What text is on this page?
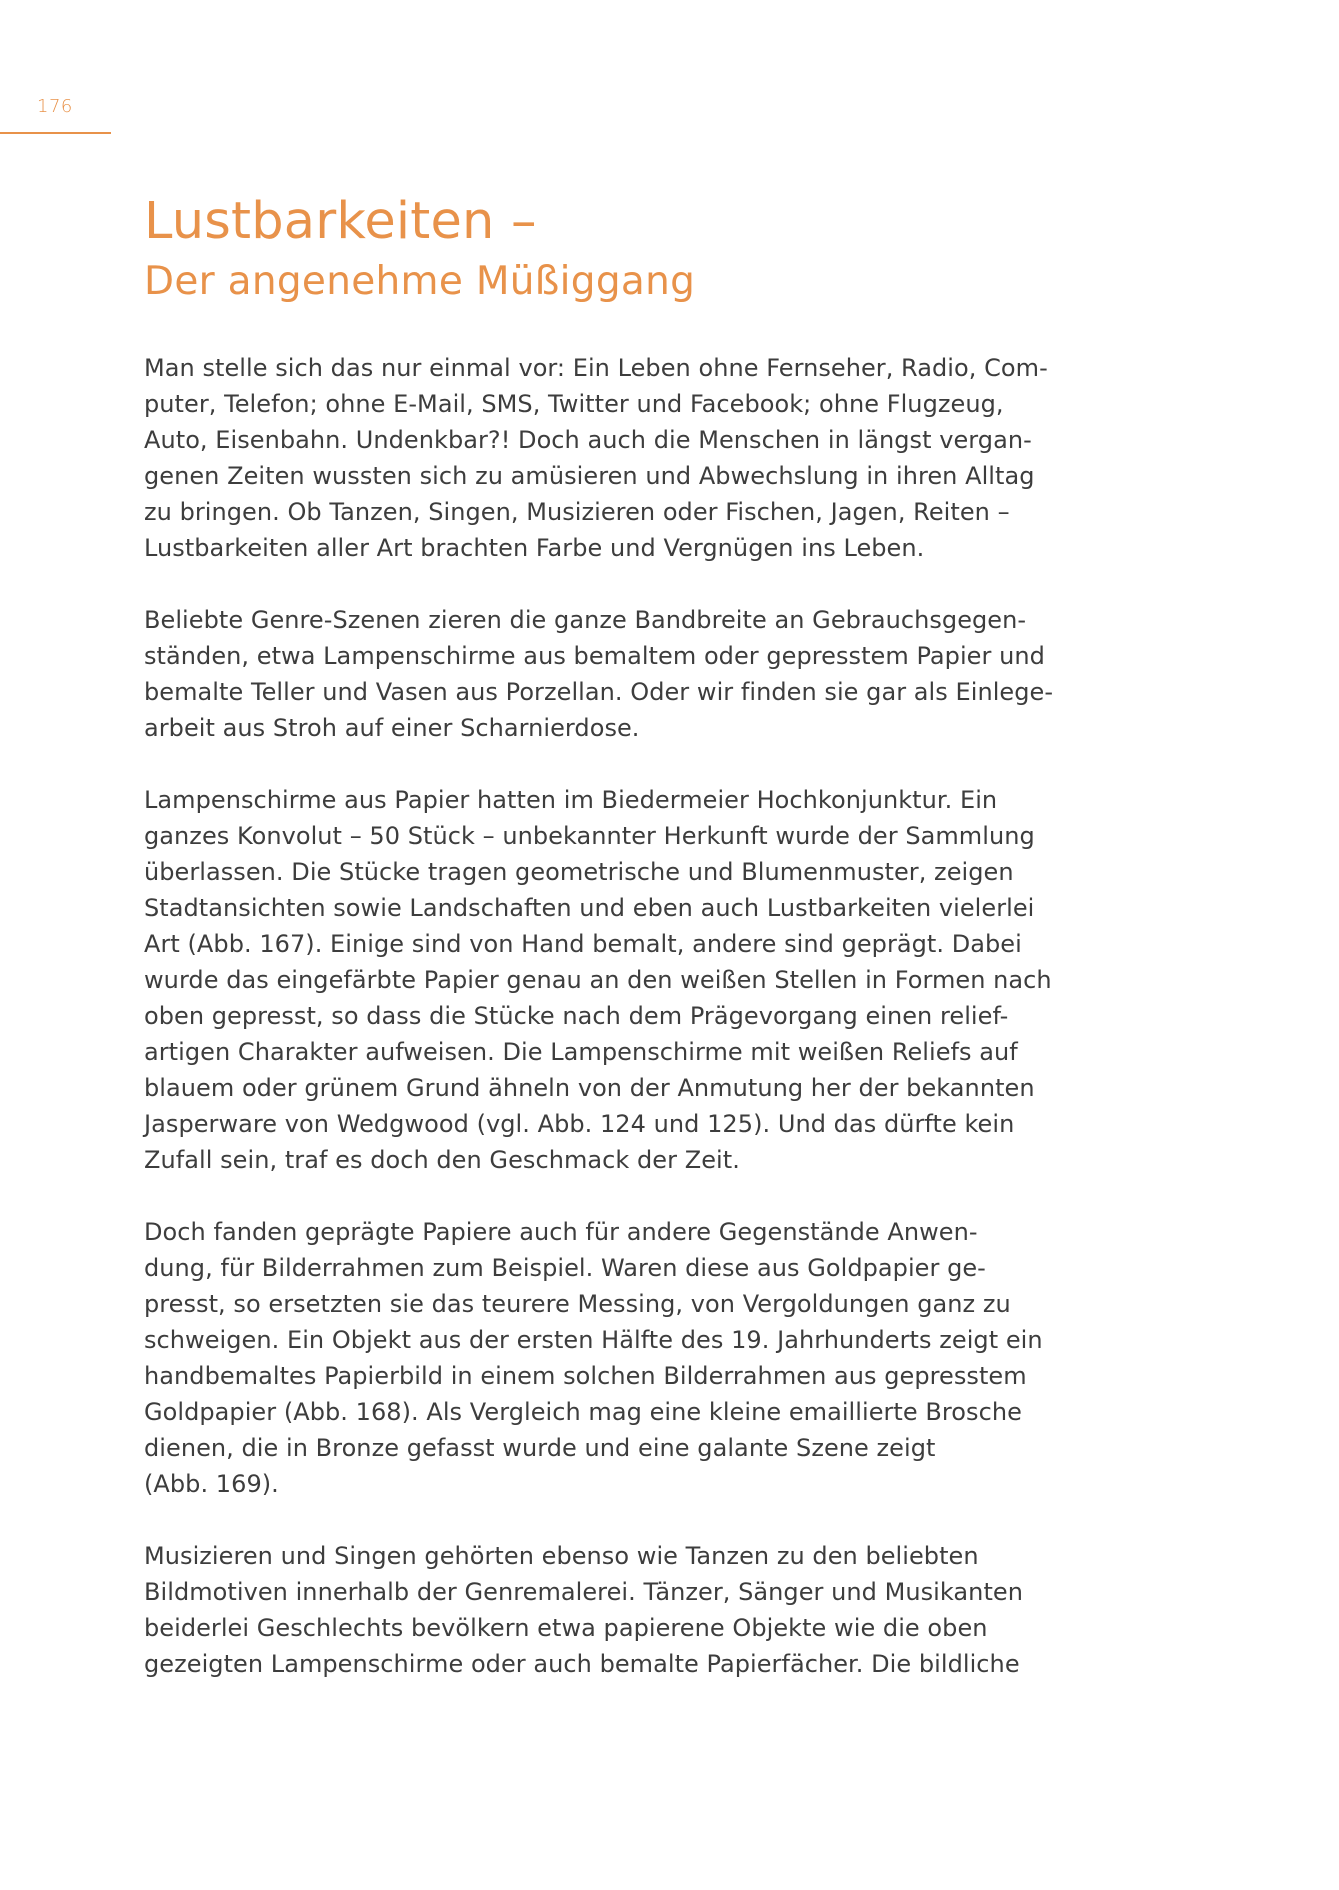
176
Lustbarkeiten –
Der angenehme Müßiggang

Man stelle sich das nur einmal vor: Ein Leben ohne Fernseher, Radio, Com-
puter, Telefon; ohne E-Mail, SMS, Twitter und Facebook; ohne Flugzeug,
Auto, Eisenbahn. Undenkbar?! Doch auch die Menschen in längst vergan-
genen Zeiten wussten sich zu amüsieren und Abwechslung in ihren Alltag
zu bringen. Ob Tanzen, Singen, Musizieren oder Fischen, Jagen, Reiten –
Lustbarkeiten aller Art brachten Farbe und Vergnügen ins Leben.

Beliebte Genre-Szenen zieren die ganze Bandbreite an Gebrauchsgegen-
ständen, etwa Lampenschirme aus bemaltem oder gepresstem Papier und
bemalte Teller und Vasen aus Porzellan. Oder wir finden sie gar als Einlege-
arbeit aus Stroh auf einer Scharnierdose.

Lampenschirme aus Papier hatten im Biedermeier Hochkonjunktur. Ein
ganzes Konvolut – 50 Stück – unbekannter Herkunft wurde der Sammlung
überlassen. Die Stücke tragen geometrische und Blumenmuster, zeigen
Stadtansichten sowie Landschaften und eben auch Lustbarkeiten vielerlei
Art (Abb. 167). Einige sind von Hand bemalt, andere sind geprägt. Dabei
wurde das eingefärbte Papier genau an den weißen Stellen in Formen nach
oben gepresst, so dass die Stücke nach dem Prägevorgang einen relief-
artigen Charakter aufweisen. Die Lampenschirme mit weißen Reliefs auf
blauem oder grünem Grund ähneln von der Anmutung her der bekannten
Jasperware von Wedgwood (vgl. Abb. 124 und 125). Und das dürfte kein
Zufall sein, traf es doch den Geschmack der Zeit.

Doch fanden geprägte Papiere auch für andere Gegenstände Anwen-
dung, für Bilderrahmen zum Beispiel. Waren diese aus Goldpapier ge-
presst, so ersetzten sie das teurere Messing, von Vergoldungen ganz zu
schweigen. Ein Objekt aus der ersten Hälfte des 19. Jahrhunderts zeigt ein
handbemaltes Papierbild in einem solchen Bilderrahmen aus gepresstem
Goldpapier (Abb. 168). Als Vergleich mag eine kleine emaillierte Brosche
dienen, die in Bronze gefasst wurde und eine galante Szene zeigt
(Abb. 169).

Musizieren und Singen gehörten ebenso wie Tanzen zu den beliebten
Bildmotiven innerhalb der Genremalerei. Tänzer, Sänger und Musikanten
beiderlei Geschlechts bevölkern etwa papierene Objekte wie die oben
gezeigten Lampenschirme oder auch bemalte Papierfächer. Die bildliche
